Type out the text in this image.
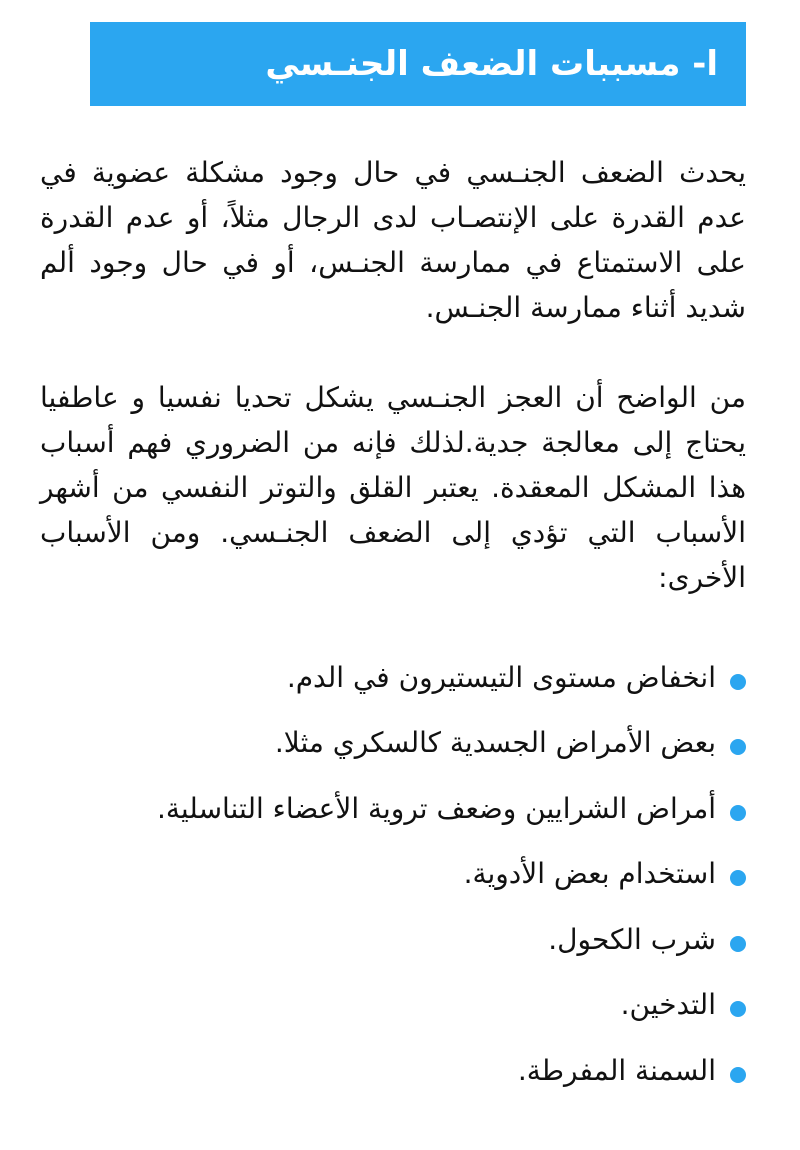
ا- مسببات الضعف الجنـسي

يحدث الضعف الجنـسي في حال وجود مشكلة عضوية في عدم القدرة على الإنتصـاب لدى الرجال مثلاً، أو عدم القدرة على الاستمتاع في ممارسة الجنـس، أو في حال وجود ألم شديد أثناء ممارسة الجنـس.

من الواضح أن العجز الجنـسي يشكل تحديا نفسيا و عاطفيا يحتاج إلى معالجة جدية.لذلك فإنه من الضروري فهم أسباب هذا المشكل المعقدة. يعتبر القلق والتوتر النفسي من أشهر الأسباب التي تؤدي إلى الضعف الجنـسي. ومن الأسباب الأخرى:

انخفاض مستوى التيستيرون في الدم.
بعض الأمراض الجسدية كالسكري مثلا.
أمراض الشرايين وضعف تروية الأعضاء التناسلية.
استخدام بعض الأدوية.
شرب الكحول.
التدخين.
السمنة المفرطة.
